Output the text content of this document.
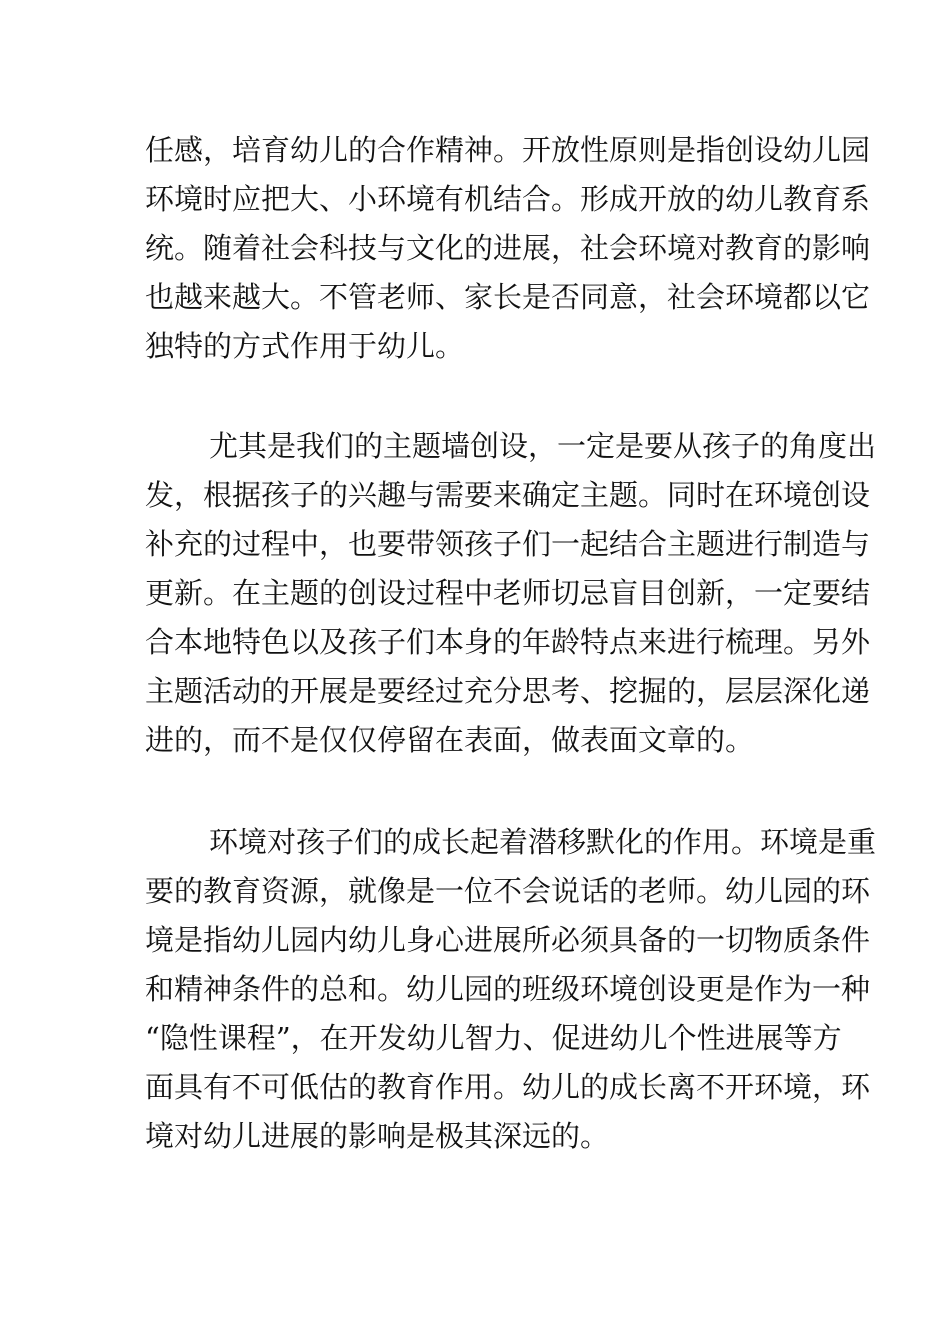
任感，培育幼儿的合作精神。开放性原则是指创设幼儿园
环境时应把大、小环境有机结合。形成开放的幼儿教育系
统。随着社会科技与文化的进展，社会环境对教育的影响
也越来越大。不管老师、家长是否同意，社会环境都以它
独特的方式作用于幼儿。
尤其是我们的主题墙创设，一定是要从孩子的角度出
发，根据孩子的兴趣与需要来确定主题。同时在环境创设
补充的过程中，也要带领孩子们一起结合主题进行制造与
更新。在主题的创设过程中老师切忌盲目创新，一定要结
合本地特色以及孩子们本身的年龄特点来进行梳理。另外
主题活动的开展是要经过充分思考、挖掘的，层层深化递
进的，而不是仅仅停留在表面，做表面文章的。
环境对孩子们的成长起着潜移默化的作用。环境是重
要的教育资源，就像是一位不会说话的老师。幼儿园的环
境是指幼儿园内幼儿身心进展所必须具备的一切物质条件
和精神条件的总和。幼儿园的班级环境创设更是作为一种
“隐性课程”，在开发幼儿智力、促进幼儿个性进展等方
面具有不可低估的教育作用。幼儿的成长离不开环境，环
境对幼儿进展的影响是极其深远的。
